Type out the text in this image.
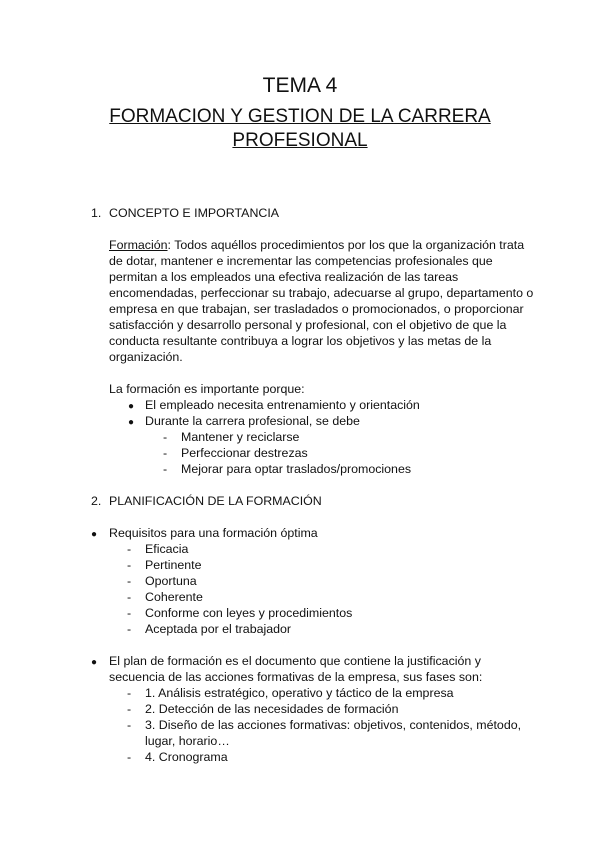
TEMA 4
FORMACION Y GESTION DE LA CARRERA PROFESIONAL
1. CONCEPTO E IMPORTANCIA
Formación: Todos aquéllos procedimientos por los que la organización trata
de dotar, mantener e incrementar las competencias profesionales que
permitan a los empleados una efectiva realización de las tareas
encomendadas, perfeccionar su trabajo, adecuarse al grupo, departamento o
empresa en que trabajan, ser trasladados o promocionados, o proporcionar
satisfacción y desarrollo personal y profesional, con el objetivo de que la
conducta resultante contribuya a lograr los objetivos y las metas de la
organización.
La formación es importante porque:
● El empleado necesita entrenamiento y orientación
● Durante la carrera profesional, se debe
- Mantener y reciclarse
- Perfeccionar destrezas
- Mejorar para optar traslados/promociones
2. PLANIFICACIÓN DE LA FORMACIÓN
● Requisitos para una formación óptima
- Eficacia
- Pertinente
- Oportuna
- Coherente
- Conforme con leyes y procedimientos
- Aceptada por el trabajador
● El plan de formación es el documento que contiene la justificación y
secuencia de las acciones formativas de la empresa, sus fases son:
- 1. Análisis estratégico, operativo y táctico de la empresa
- 2. Detección de las necesidades de formación
- 3. Diseño de las acciones formativas: objetivos, contenidos, método,
lugar, horario…
- 4. Cronograma
